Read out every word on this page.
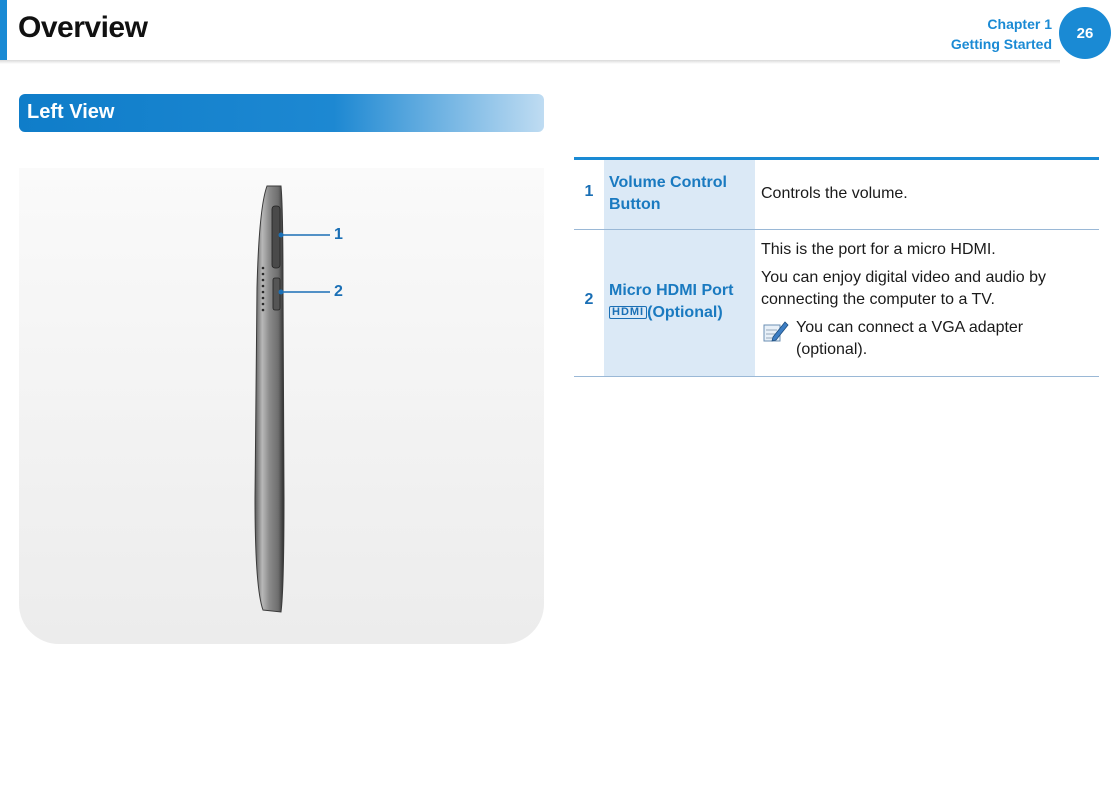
Overview	Chapter 1
Getting Started
26
Left View
1
2
1
Volume Control
Button
Controls the volume.
2
Micro HDMI Port
HDMI (Optional)
This is the port for a micro HDMI.
You can enjoy digital video and audio by
connecting the computer to a TV.
You can connect a VGA adapter
(optional).
